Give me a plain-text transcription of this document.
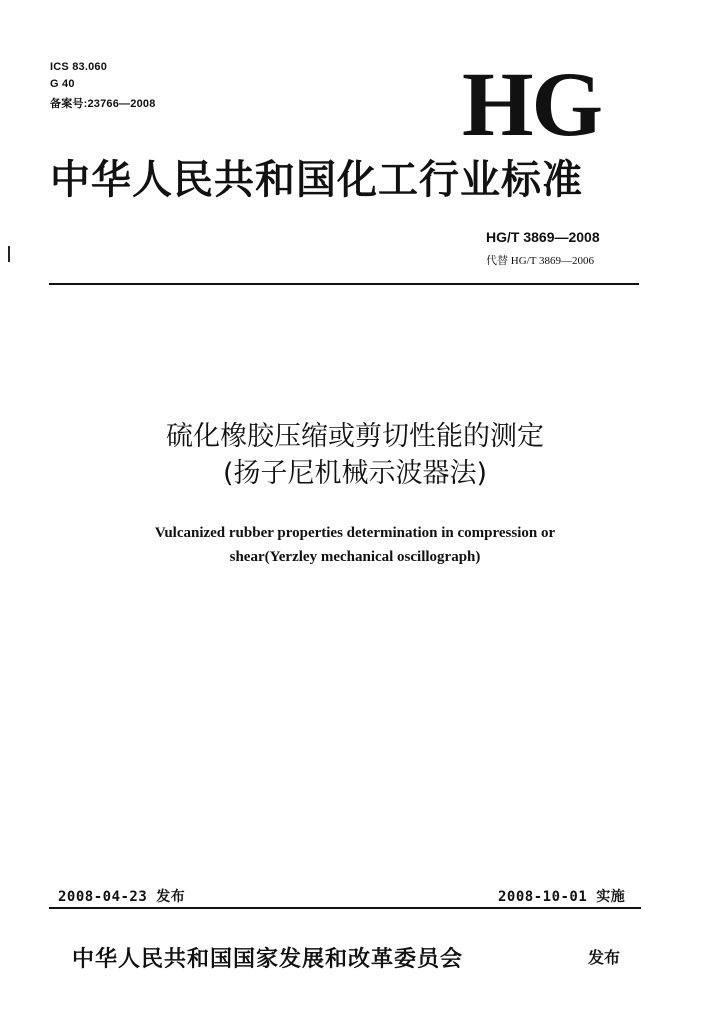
ICS 83.060
G 40
备案号:23766—2008	HG
中华人民共和国化工行业标准
HG/T 3869—2008
代替 HG/T 3869—2006
硫化橡胶压缩或剪切性能的测定
(扬子尼机械示波器法)
Vulcanized rubber properties determination in compression or
shear(Yerzley mechanical oscillograph)
2008-04-23 发布	2008-10-01 实施
中华人民共和国国家发展和改革委员会	发布
